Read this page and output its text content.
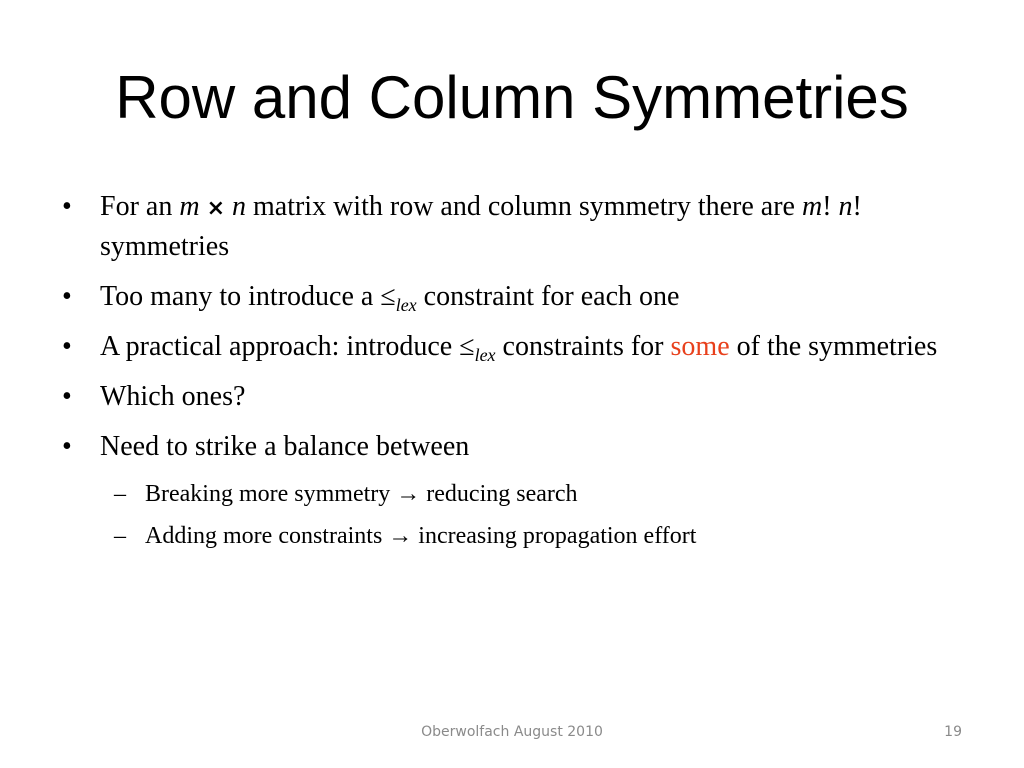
Row and Column Symmetries
• For an m × n matrix with row and column symmetry there are m! n! symmetries
• Too many to introduce $a \le_{lex}$ constraint for each one
• A practical approach: introduce $\le_{lex}$ constraints for some of the symmetries
• Which ones?
• Need to strike a balance between
– Breaking more symmetry → reducing search
– Adding more constraints → increasing propagation effort
Oberwolfach August 2010	19
